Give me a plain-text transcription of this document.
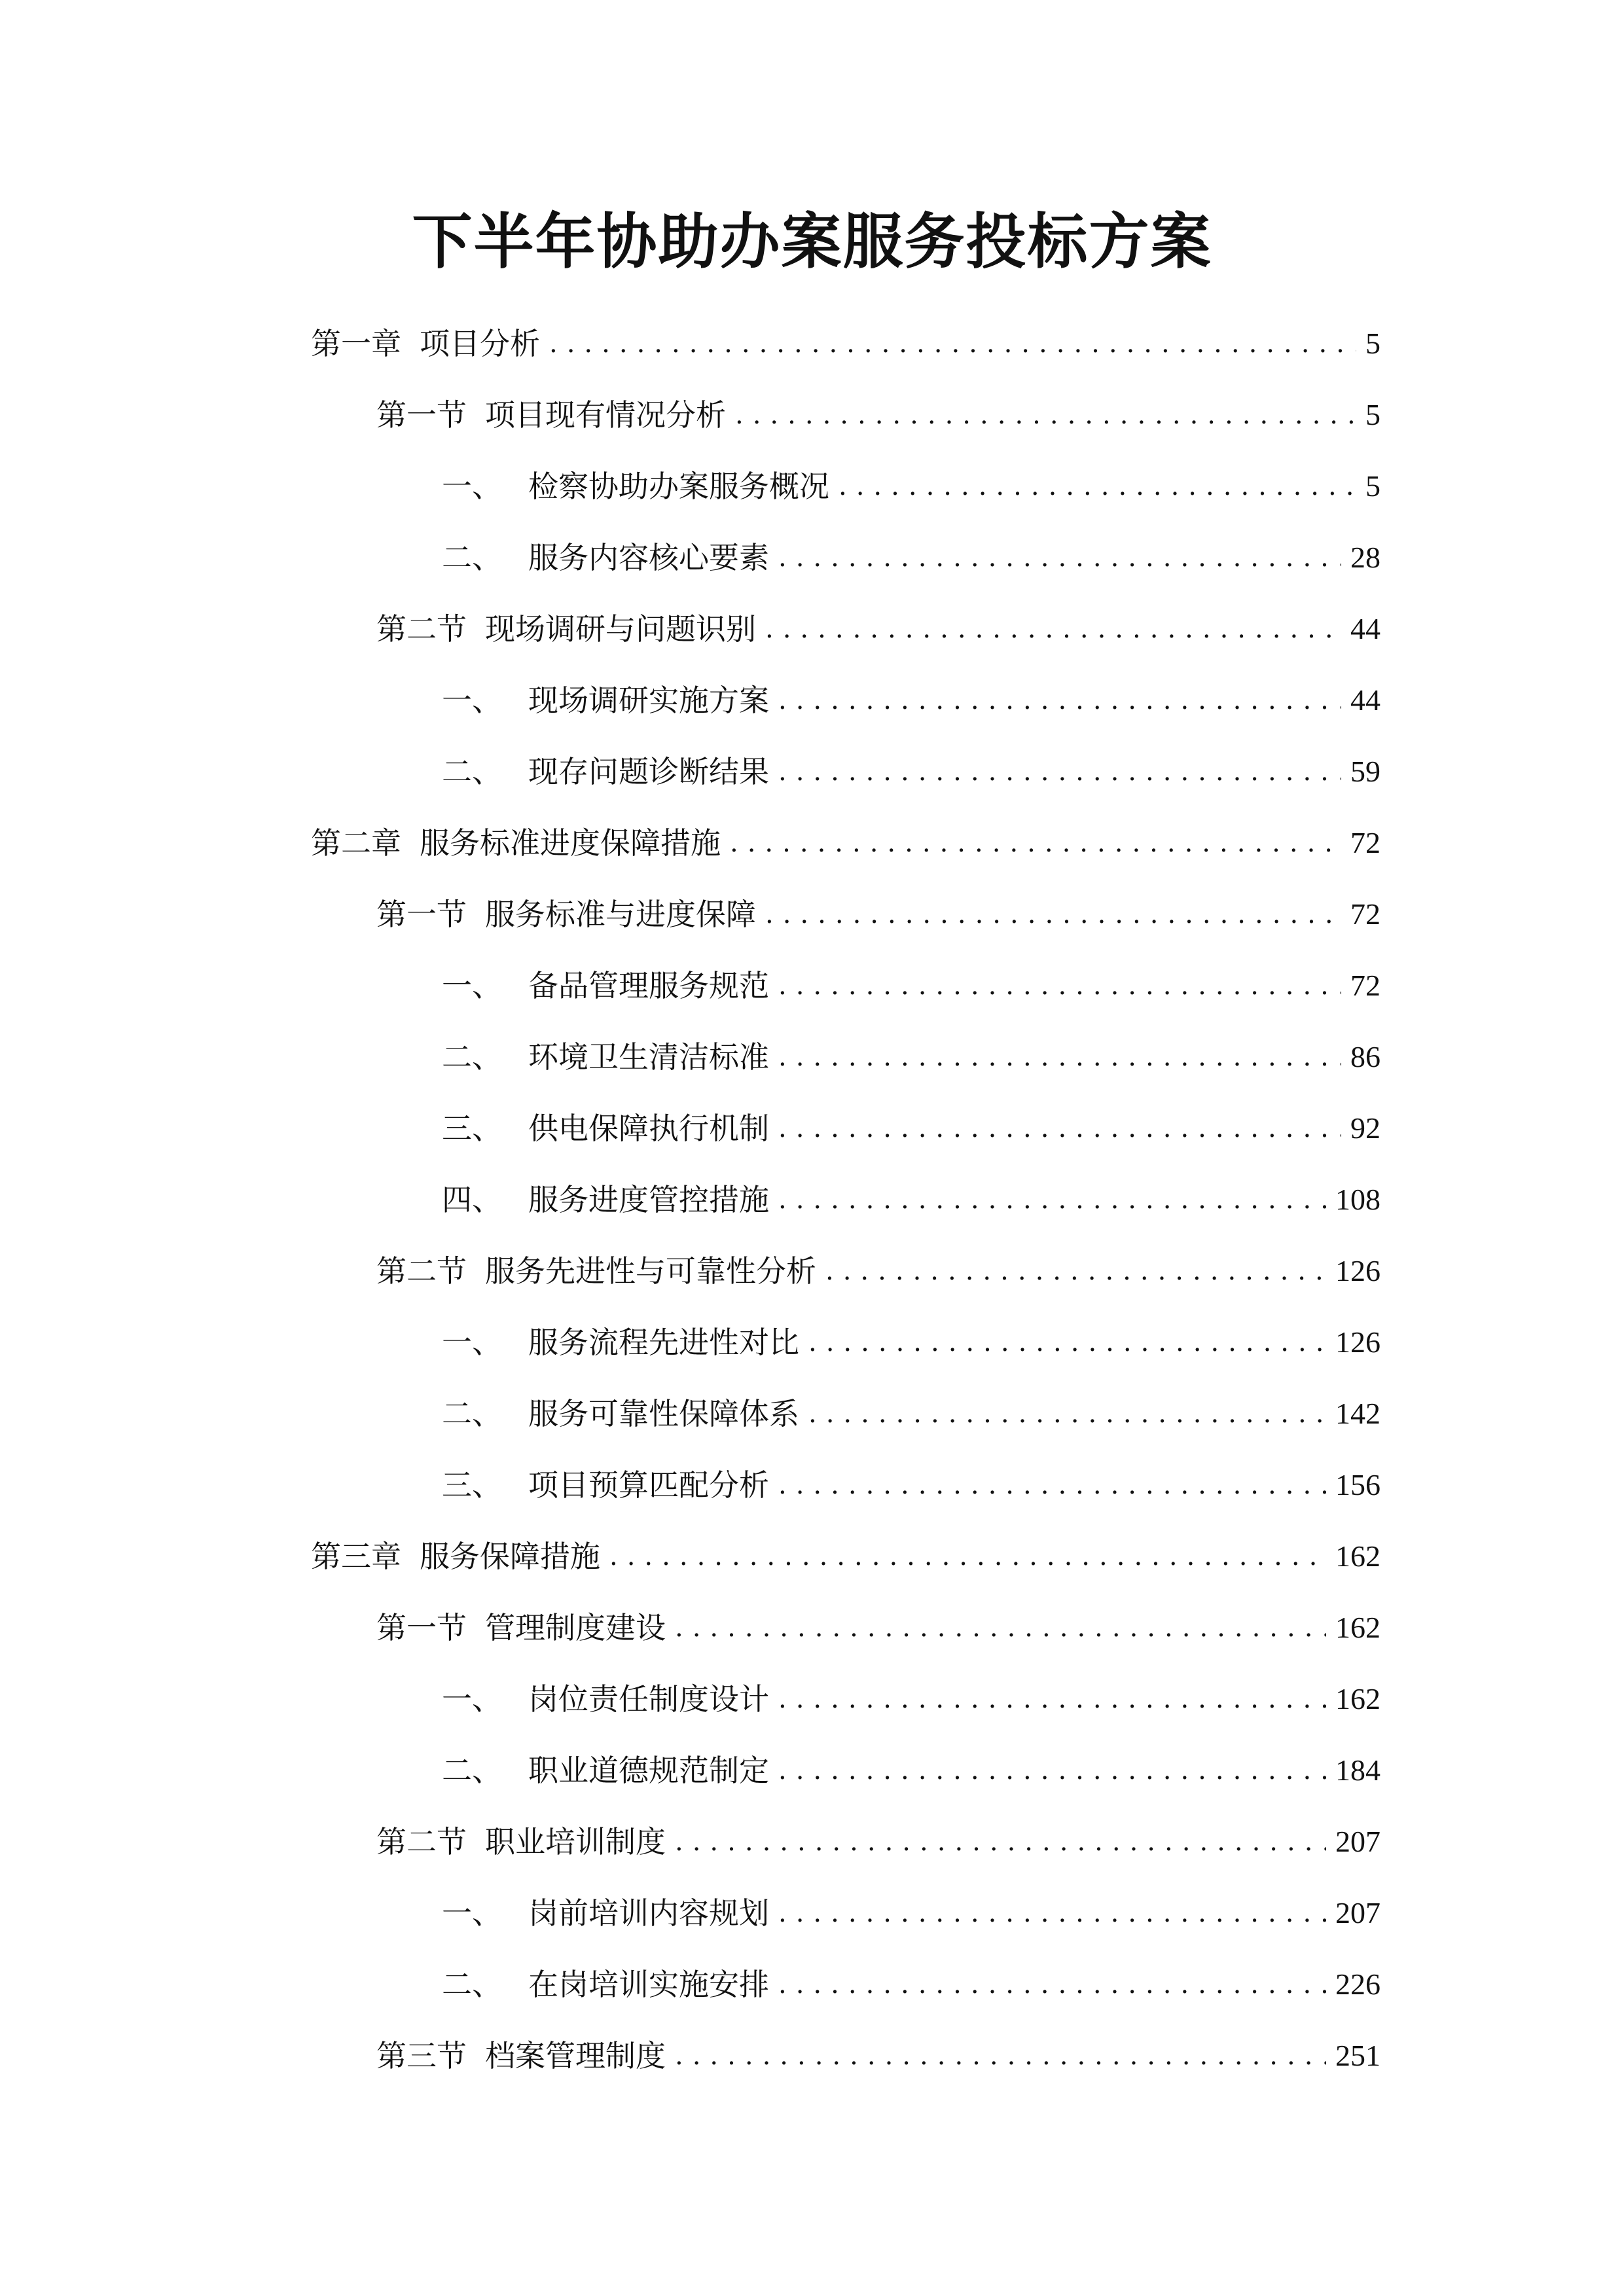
下半年协助办案服务投标方案
第一章 项目分析 .....	5
第一节 项目现有情况分析 .....	5
一、 检察协助办案服务概况 .....	5
二、 服务内容核心要素 .....	28
第二节 现场调研与问题识别 .....	44
一、 现场调研实施方案 .....	44
二、 现存问题诊断结果 .....	59
第二章 服务标准进度保障措施 .....	72
第一节 服务标准与进度保障 .....	72
一、 备品管理服务规范 .....	72
二、 环境卫生清洁标准 .....	86
三、 供电保障执行机制 .....	92
四、 服务进度管控措施 .....	108
第二节 服务先进性与可靠性分析 .....	126
一、 服务流程先进性对比 .....	126
二、 服务可靠性保障体系 .....	142
三、 项目预算匹配分析 .....	156
第三章 服务保障措施 .....	162
第一节 管理制度建设 .....	162
一、 岗位责任制度设计 .....	162
二、 职业道德规范制定 .....	184
第二节 职业培训制度 .....	207
一、 岗前培训内容规划 .....	207
二、 在岗培训实施安排 .....	226
第三节 档案管理制度 .....	251
